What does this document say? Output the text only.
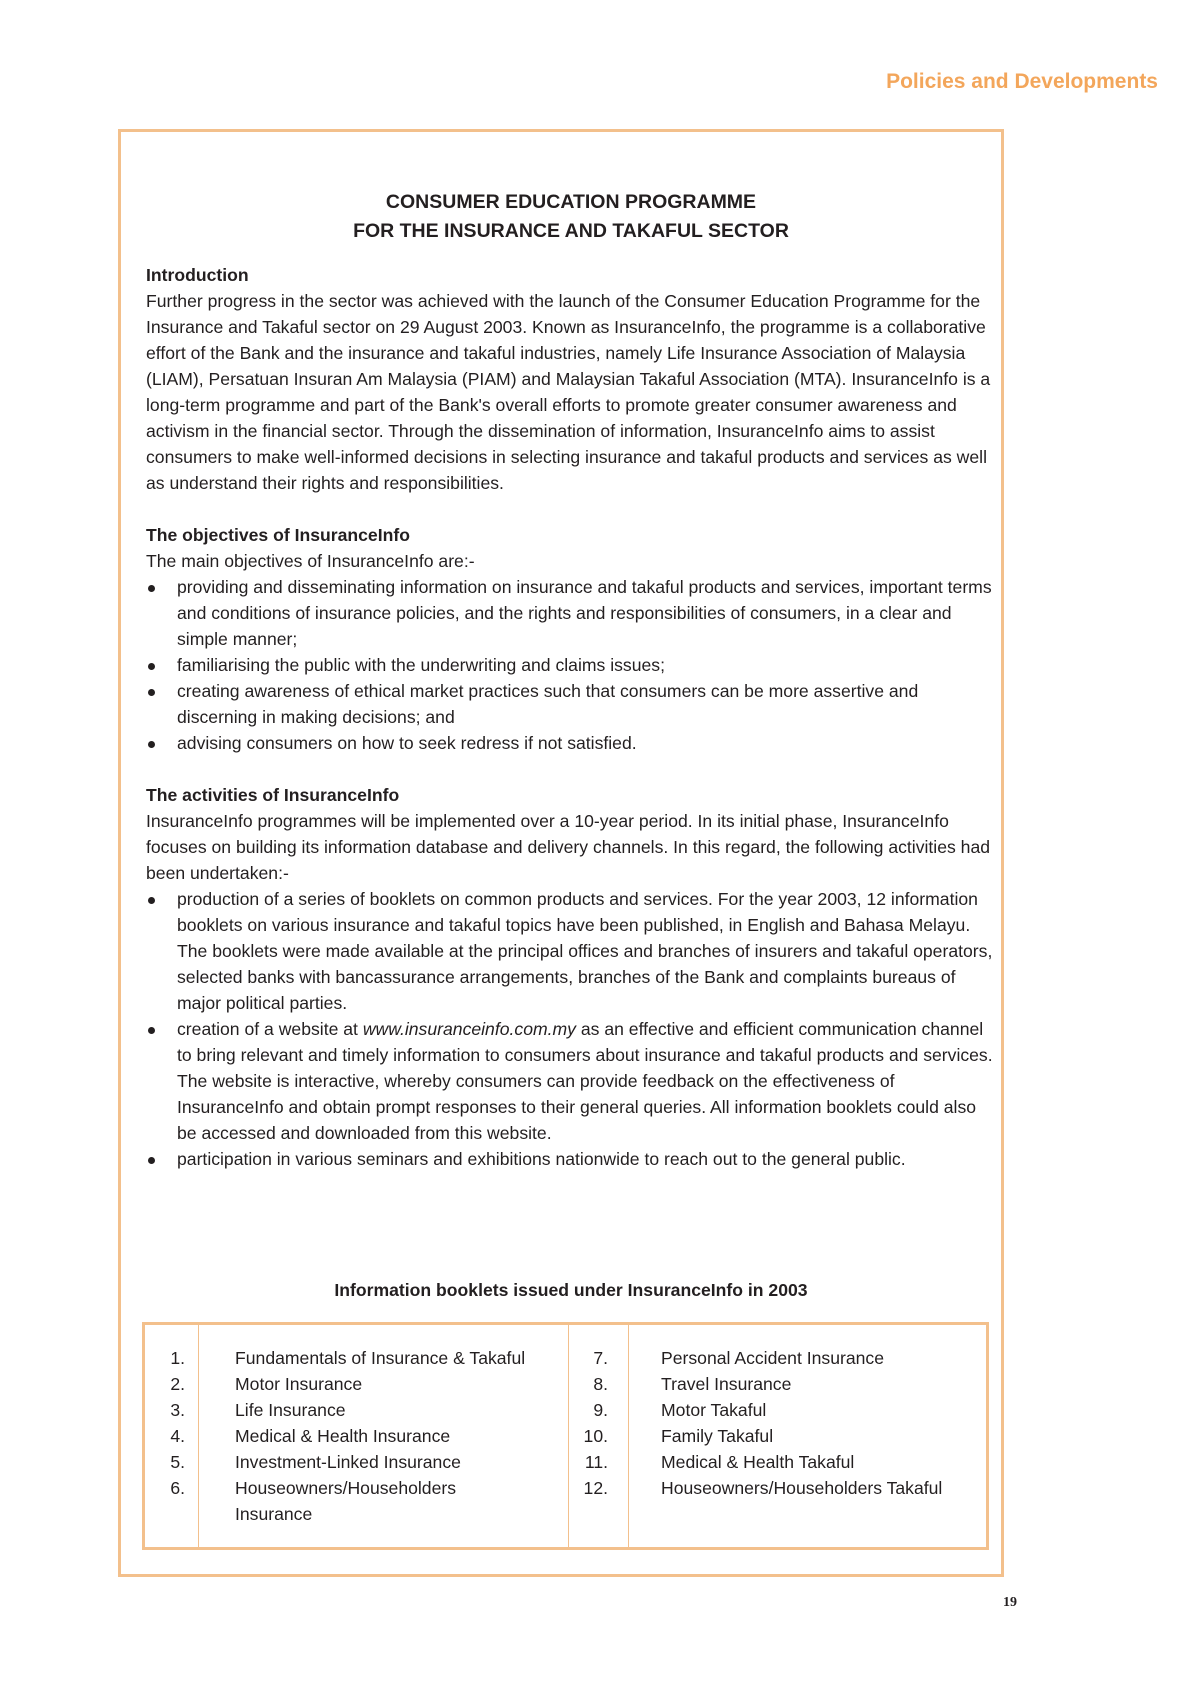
Policies and Developments
CONSUMER EDUCATION PROGRAMME
FOR THE INSURANCE AND TAKAFUL SECTOR

Introduction

Further progress in the sector was achieved with the launch of the Consumer Education Programme for the Insurance and Takaful sector on 29 August 2003. Known as InsuranceInfo, the programme is a collaborative effort of the Bank and the insurance and takaful industries, namely Life Insurance Association of Malaysia (LIAM), Persatuan Insuran Am Malaysia (PIAM) and Malaysian Takaful Association (MTA). InsuranceInfo is a long-term programme and part of the Bank's overall efforts to promote greater consumer awareness and activism in the financial sector. Through the dissemination of information, InsuranceInfo aims to assist consumers to make well-informed decisions in selecting insurance and takaful products and services as well as understand their rights and responsibilities.

The objectives of InsuranceInfo

The main objectives of InsuranceInfo are:-

providing and disseminating information on insurance and takaful products and services, important terms and conditions of insurance policies, and the rights and responsibilities of consumers, in a clear and simple manner;
familiarising the public with the underwriting and claims issues;
creating awareness of ethical market practices such that consumers can be more assertive and discerning in making decisions; and
advising consumers on how to seek redress if not satisfied.

The activities of InsuranceInfo

InsuranceInfo programmes will be implemented over a 10-year period. In its initial phase, InsuranceInfo focuses on building its information database and delivery channels. In this regard, the following activities had been undertaken:-

production of a series of booklets on common products and services. For the year 2003, 12 information booklets on various insurance and takaful topics have been published, in English and Bahasa Melayu. The booklets were made available at the principal offices and branches of insurers and takaful operators, selected banks with bancassurance arrangements, branches of the Bank and complaints bureaus of major political parties.
creation of a website at www.insuranceinfo.com.my as an effective and efficient communication channel to bring relevant and timely information to consumers about insurance and takaful products and services. The website is interactive, whereby consumers can provide feedback on the effectiveness of InsuranceInfo and obtain prompt responses to their general queries. All information booklets could also be accessed and downloaded from this website.
participation in various seminars and exhibitions nationwide to reach out to the general public.
Information booklets issued under InsuranceInfo in 2003
1.	Fundamentals of Insurance & Takaful
2.	Motor Insurance
3.	Life Insurance
4.	Medical & Health Insurance
5.	Investment-Linked Insurance
6.	Houseowners/Householders
Insurance
7.	Personal Accident Insurance
8.	Travel Insurance
9.	Motor Takaful
10.	Family Takaful
11.	Medical & Health Takaful
12.	Houseowners/Householders Takaful
19
